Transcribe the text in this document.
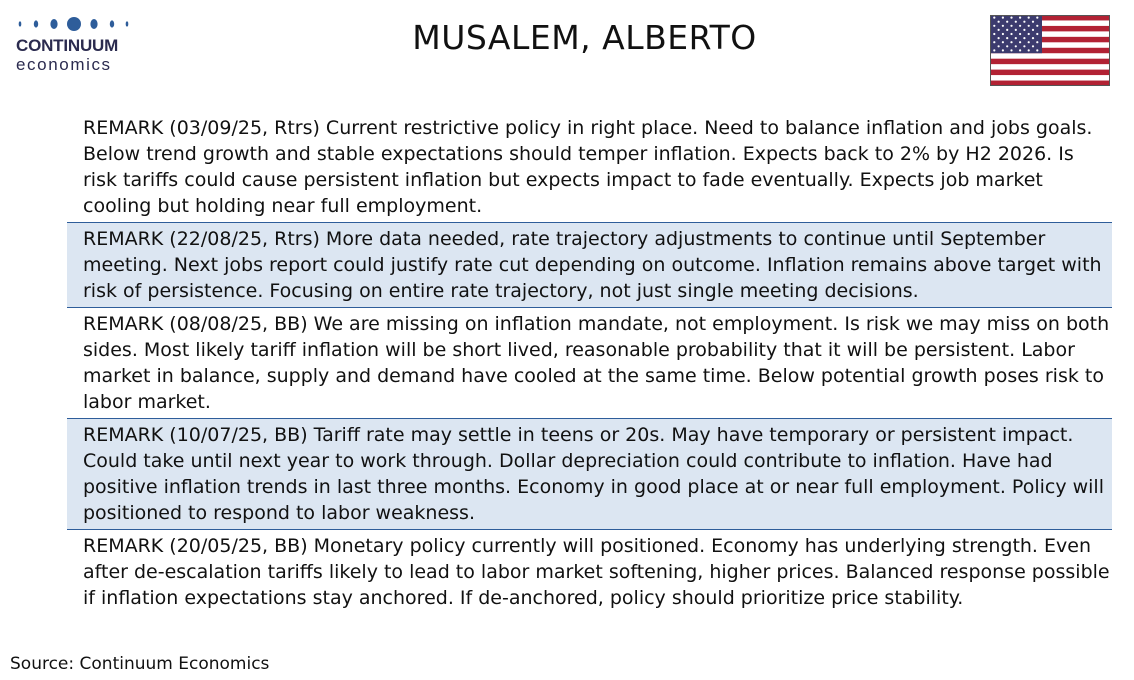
CONTINUUM
economics
MUSALEM, ALBERTO
REMARK (03/09/25, Rtrs) Current restrictive policy in right place. Need to balance inflation and jobs goals. Below trend growth and stable expectations should temper inflation. Expects back to 2% by H2 2026. Is risk tariffs could cause persistent inflation but expects impact to fade eventually. Expects job market cooling but holding near full employment.
REMARK (22/08/25, Rtrs) More data needed, rate trajectory adjustments to continue until September meeting. Next jobs report could justify rate cut depending on outcome. Inflation remains above target with risk of persistence. Focusing on entire rate trajectory, not just single meeting decisions.
REMARK (08/08/25, BB) We are missing on inflation mandate, not employment. Is risk we may miss on both sides. Most likely tariff inflation will be short lived, reasonable probability that it will be persistent. Labor market in balance, supply and demand have cooled at the same time. Below potential growth poses risk to labor market.
REMARK (10/07/25, BB) Tariff rate may settle in teens or 20s. May have temporary or persistent impact. Could take until next year to work through. Dollar depreciation could contribute to inflation. Have had positive inflation trends in last three months. Economy in good place at or near full employment. Policy will positioned to respond to labor weakness.
REMARK (20/05/25, BB) Monetary policy currently will positioned. Economy has underlying strength. Even after de-escalation tariffs likely to lead to labor market softening, higher prices. Balanced response possible if inflation expectations stay anchored. If de-anchored, policy should prioritize price stability.
Source: Continuum Economics
